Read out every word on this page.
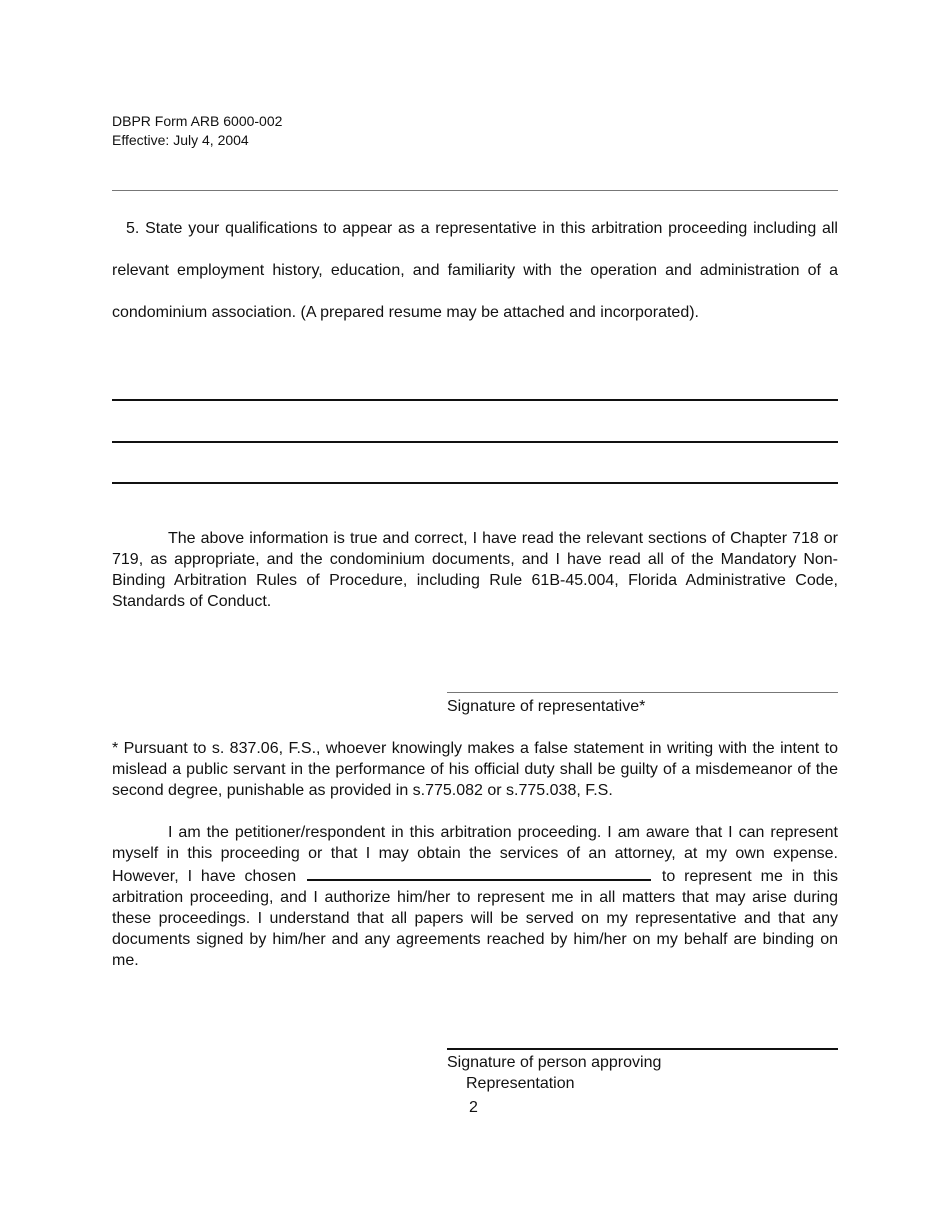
DBPR Form ARB 6000-002
Effective: July 4, 2004
5. State your qualifications to appear as a representative in this arbitration proceeding including all relevant employment history, education, and familiarity with the operation and administration of a condominium association. (A prepared resume may be attached and incorporated).

The above information is true and correct, I have read the relevant sections of Chapter 718 or 719, as appropriate, and the condominium documents, and I have read all of the Mandatory Non-Binding Arbitration Rules of Procedure, including Rule 61B-45.004, Florida Administrative Code, Standards of Conduct.

Signature of representative*

* Pursuant to s. 837.06, F.S., whoever knowingly makes a false statement in writing with the intent to mislead a public servant in the performance of his official duty shall be guilty of a misdemeanor of the second degree, punishable as provided in s.775.082 or s.775.038, F.S.

I am the petitioner/respondent in this arbitration proceeding. I am aware that I can represent myself in this proceeding or that I may obtain the services of an attorney, at my own expense. However, I have chosen	to represent me in this arbitration proceeding, and I authorize him/her to represent me in all matters that may arise during these proceedings. I understand that all papers will be served on my representative and that any documents signed by him/her and any agreements reached by him/her on my behalf are binding on me.

Signature of person approving
Representation
2
